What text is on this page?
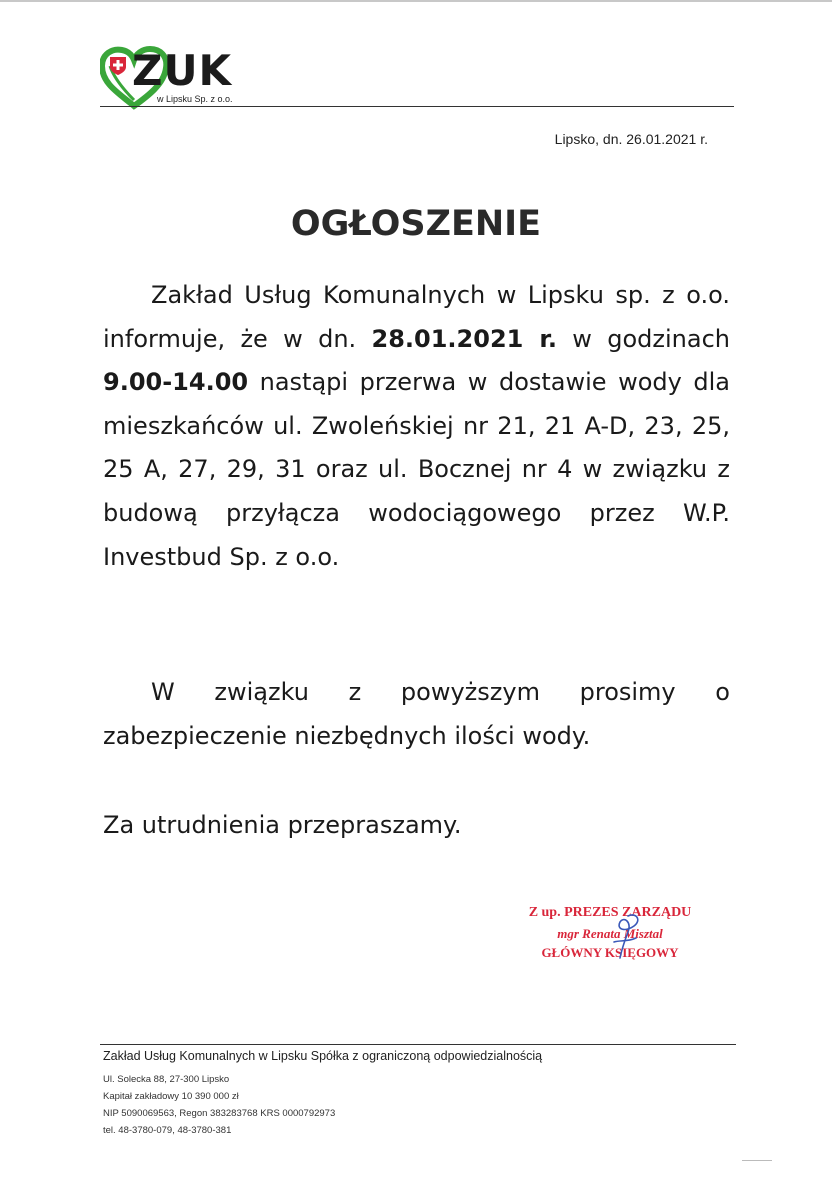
ZUK
w Lipsku Sp. z o.o.
Lipsko, dn. 26.01.2021 r.
OGŁOSZENIE
Zakład Usług Komunalnych w Lipsku sp. z o.o. informuje, że w dn. 28.01.2021 r. w godzinach 9.00-14.00 nastąpi przerwa w dostawie wody dla mieszkańców ul. Zwoleńskiej nr 21, 21 A-D, 23, 25, 25 A, 27, 29, 31 oraz ul. Bocznej nr 4 w związku z budową przyłącza wodociągowego przez W.P. Investbud Sp. z o.o.
W związku z powyższym prosimy o zabezpieczenie niezbędnych ilości wody.
Za utrudnienia przepraszamy.
Z up. PREZES ZARZĄDU
mgr Renata Misztal
GŁÓWNY KSIĘGOWY
Zakład Usług Komunalnych w Lipsku Spółka z ograniczoną odpowiedzialnością
Ul. Solecka 88, 27-300 Lipsko
Kapitał zakładowy 10 390 000 zł
NIP 5090069563, Regon 383283768 KRS 0000792973
tel. 48-3780-079, 48-3780-381
